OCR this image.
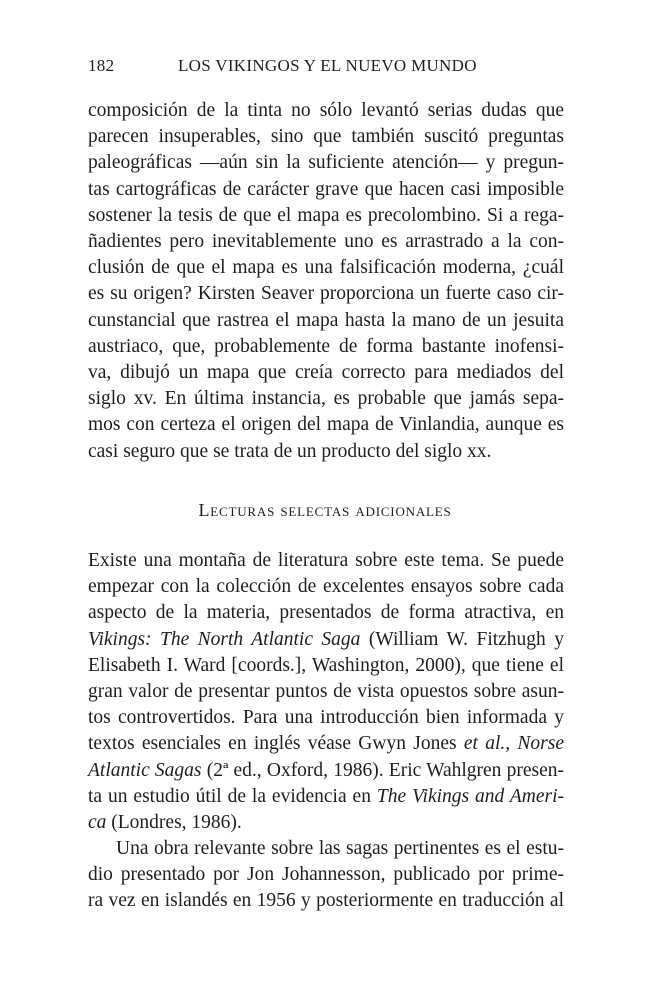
182	LOS VIKINGOS Y EL NUEVO MUNDO
composición de la tinta no sólo levantó serias dudas que
parecen insuperables, sino que también suscitó preguntas
paleográficas —aún sin la suficiente atención— y pregun-
tas cartográficas de carácter grave que hacen casi imposible
sostener la tesis de que el mapa es precolombino. Si a rega-
ñadientes pero inevitablemente uno es arrastrado a la con-
clusión de que el mapa es una falsificación moderna, ¿cuál
es su origen? Kirsten Seaver proporciona un fuerte caso cir-
cunstancial que rastrea el mapa hasta la mano de un jesuita
austriaco, que, probablemente de forma bastante inofensi-
va, dibujó un mapa que creía correcto para mediados del
siglo xv. En última instancia, es probable que jamás sepa-
mos con certeza el origen del mapa de Vinlandia, aunque es
casi seguro que se trata de un producto del siglo xx.
Lecturas selectas adicionales
Existe una montaña de literatura sobre este tema. Se puede
empezar con la colección de excelentes ensayos sobre cada
aspecto de la materia, presentados de forma atractiva, en
Vikings: The North Atlantic Saga (William W. Fitzhugh y
Elisabeth I. Ward [coords.], Washington, 2000), que tiene el
gran valor de presentar puntos de vista opuestos sobre asun-
tos controvertidos. Para una introducción bien informada y
textos esenciales en inglés véase Gwyn Jones et al., Norse
Atlantic Sagas (2ª ed., Oxford, 1986). Eric Wahlgren presen-
ta un estudio útil de la evidencia en The Vikings and Ameri-
ca (Londres, 1986).
Una obra relevante sobre las sagas pertinentes es el estu-
dio presentado por Jon Johannesson, publicado por prime-
ra vez en islandés en 1956 y posteriormente en traducción al
